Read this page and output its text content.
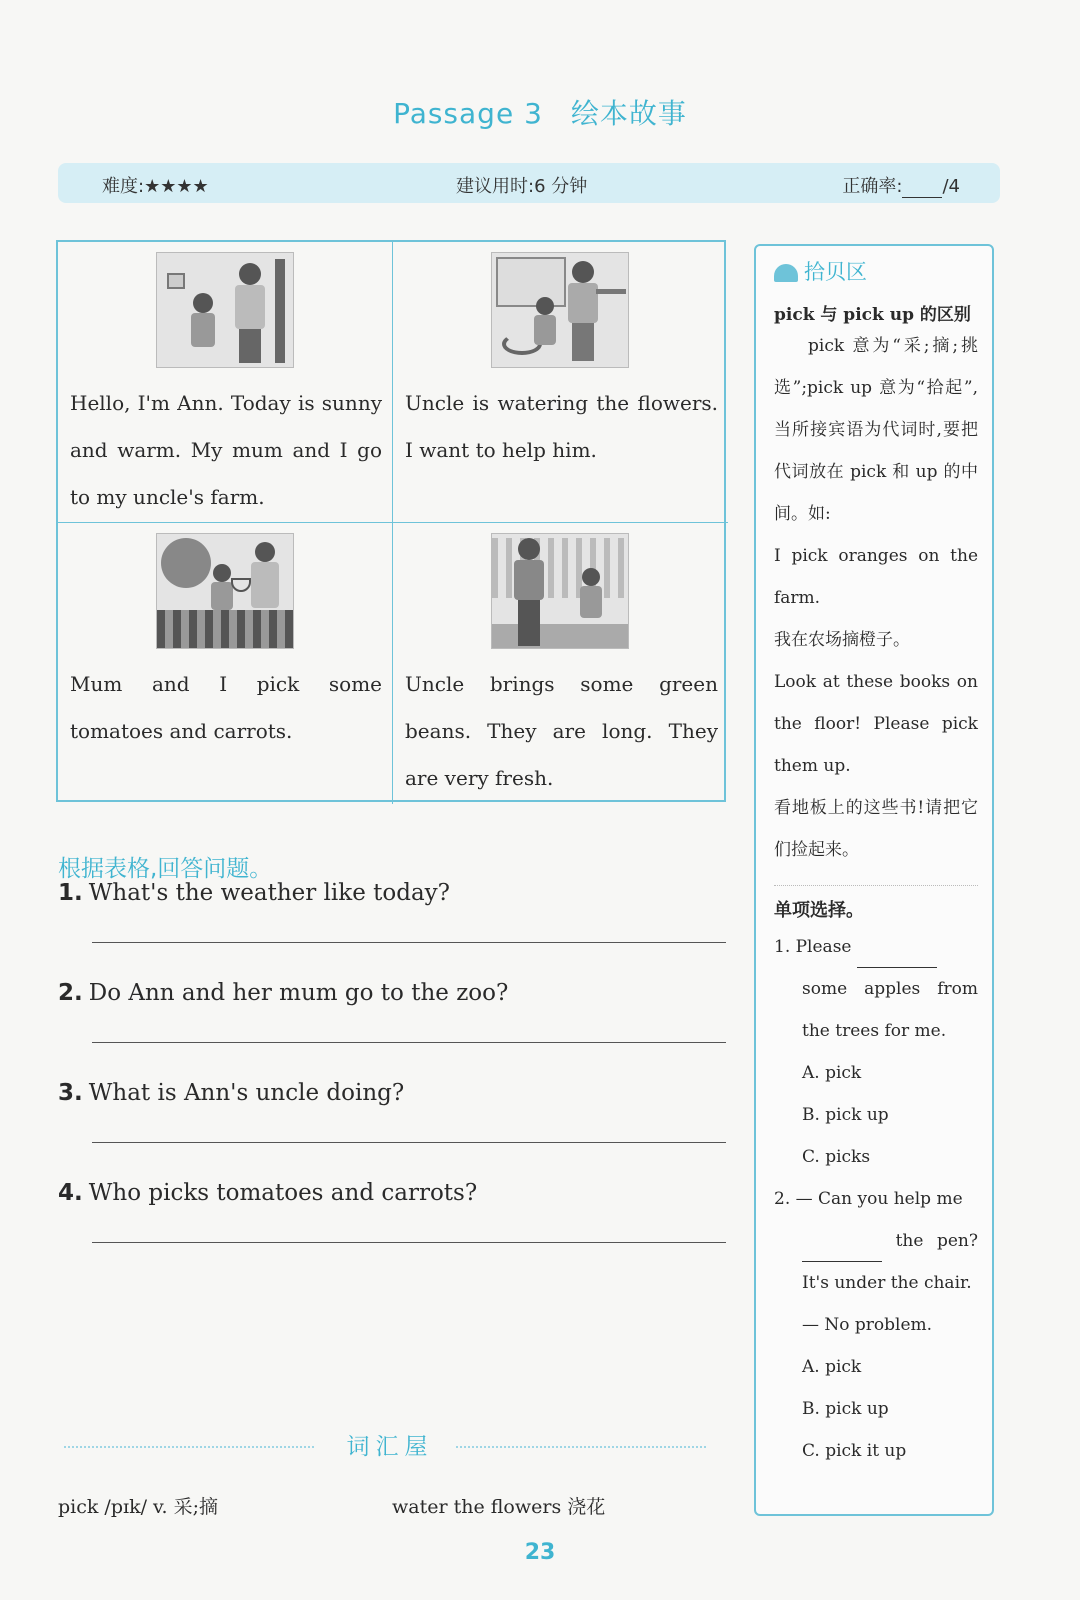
Passage 3 绘本故事
难度:★★★★	建议用时:6 分钟	正确率: /4
Hello, I'm Ann. Today is sunny and warm. My mum and I go to my uncle's farm.
Uncle is watering the flowers. I want to help him.
Mum and I pick some tomatoes and carrots.
Uncle brings some green beans. They are long. They are very fresh.
根据表格,回答问题。
1. What's the weather like today?
2. Do Ann and her mum go to the zoo?
3. What is Ann's uncle doing?
4. Who picks tomatoes and carrots?
拾贝区
pick 与 pick up 的区别

pick 意为“采;摘;挑选”;pick up 意为“拾起”,当所接宾语为代词时,要把代词放在 pick 和 up 的中间。如:

I pick oranges on the farm.

我在农场摘橙子。

Look at these books on the floor! Please pick them up.

看地板上的这些书!请把它们捡起来。

单项选择。

1. Please

some apples from the trees for me.

A. pick

B. pick up

C. picks

2. — Can you help me

the pen? It's under the chair.

— No problem.

A. pick

B. pick up

C. pick it up

词汇屋
pick /pɪk/ v. 采;摘	water the flowers 浇花
23
